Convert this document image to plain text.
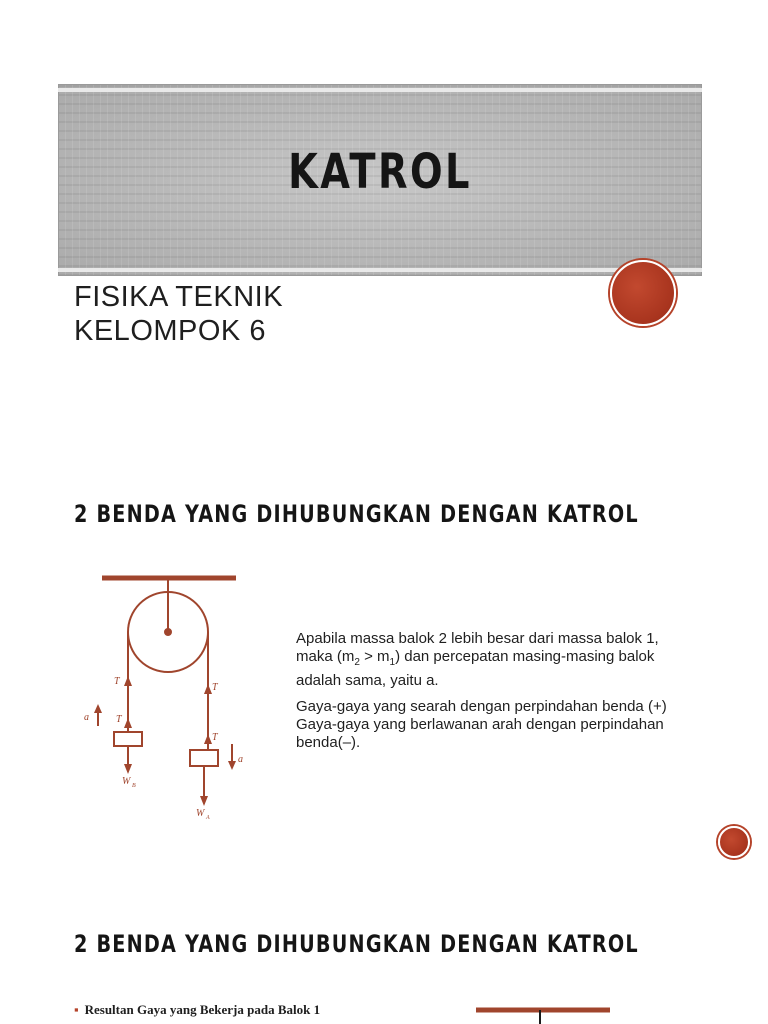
KATROL
FISIKA TEKNIK
KELOMPOK 6
2 BENDA YANG DIHUBUNGKAN DENGAN KATROL
T
T
T
T
a
a
W B
W A

Apabila massa balok 2 lebih besar dari massa balok 1, maka $(m_2 > m_1)$ dan percepatan masing-masing balok adalah sama, yaitu a.

Gaya-gaya yang searah dengan perpindahan benda (+)
Gaya-gaya yang berlawanan arah dengan perpindahan benda(–).

2 BENDA YANG DIHUBUNGKAN DENGAN KATROL
▪ Resultan Gaya yang Bekerja pada Balok 1
